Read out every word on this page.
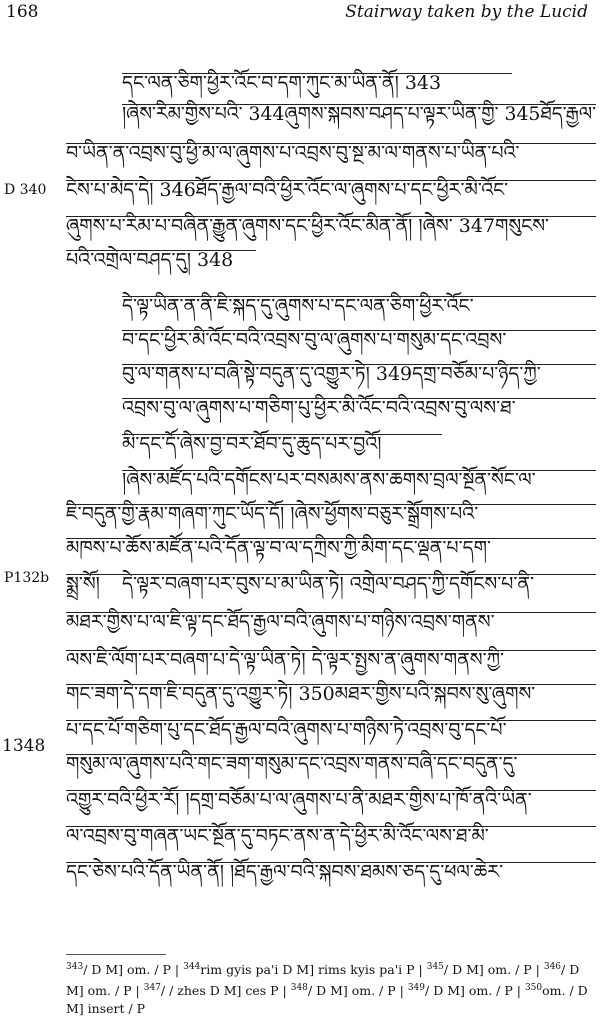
168	Stairway taken by the Lucid
D 340
P132b
1348
དང་ལན་ཅིག་ཕྱིར་འོང་བ་དག་ཀུང་མ་ཡིན་ནོ། 343
།ཞེས་རིམ་གྱིས་པའི་ 344ཞུགས་སྐབས་བཤད་པ་ལྟར་ཡིན་གྱི་ 345ཐོད་རྒྱལ་
བ་ཡིན་ན་འབྲས་བུ་ཕྱི་མ་ལ་ཞུགས་པ་འབྲས་བུ་སྔ་མ་ལ་གནས་པ་ཡིན་པའི་
ངེས་པ་མེད་དེ། 346ཐོད་རྒྱལ་བའི་ཕྱིར་འོང་ལ་ཞུགས་པ་དང་ཕྱིར་མི་འོང་
ཞུགས་པ་རིམ་པ་བཞིན་རྒྱུན་ཞུགས་དང་ཕྱིར་འོང་མིན་ནོ། །ཞེས་ 347གསུངས་
པའི་འགྲེལ་བཤད་དུ། 348
དེ་ལྟ་ཡིན་ན་ནི་ཇི་སྐད་དུ་ཞུགས་པ་དང་ལན་ཅིག་ཕྱིར་འོང་
བ་དང་ཕྱིར་མི་འོང་བའི་འབྲས་བུ་ལ་ཞུགས་པ་གསུམ་དང་འབྲས་
བུ་ལ་གནས་པ་བཞི་སྟེ་བདུན་དུ་འགྱུར་ཏེ། 349དགྲ་བཅོམ་པ་ཉིད་ཀྱི་
འབྲས་བུ་ལ་ཞུགས་པ་གཅིག་པུ་ཕྱིར་མི་འོང་བའི་འབྲས་བུ་ལས་ཐ་
མི་དང་དོ་ཞེས་བྱ་བར་ཐོབ་དུ་ཆུད་པར་བྱའོ།
།ཞེས་མཛོད་པའི་དགོངས་པར་བསམས་ནས་ཆགས་བྲལ་སྔོན་སོང་ལ་
ཇི་བདུན་གྱི་རྣམ་གཞག་ཀུང་ཡོད་དོ། །ཞེས་ཕྱོགས་བཅུར་སྒྲོགས་པའི་
མཁས་པ་ཆོས་མཛོན་པའི་དོན་ལྟ་བ་ལ་དཀྲིས་ཀྱི་མིག་དང་ལྡན་པ་དག་
སྨྲ་སོ།	དེ་ལྟར་བཞག་པར་བུས་པ་མ་ཡིན་ཏེ། འགྲེལ་བཤད་ཀྱི་དགོངས་པ་ནི་
མཐར་གྱིས་པ་ལ་ཇི་ལྟ་དང་ཐོད་རྒྱལ་བའི་ཞུགས་པ་གཉིས་འབྲས་གནས་
ལས་ཇི་ལོག་པར་བཞག་པ་དེ་ལྟ་ཡིན་ཏེ། དེ་ལྟར་སྤྱས་ན་ཞུགས་གནས་ཀྱི་
གང་ཟག་དེ་དག་ཇི་བདུན་དུ་འགྱུར་ཏེ། 350མཐར་གྱིས་པའི་སྐབས་སུ་ཞུགས་
པ་དང་པོ་གཅིག་པུ་དང་ཐོད་རྒྱལ་བའི་ཞུགས་པ་གཉིས་ཏེ་འབྲས་བུ་དང་པོ་
གསུམ་ལ་ཞུགས་པའི་གང་ཟག་གསུམ་དང་འབྲས་གནས་བཞི་དང་བདུན་དུ་
འགྱུར་བའི་ཕྱིར་རོ། །དགྲ་བཅོམ་པ་ལ་ཞུགས་པ་ནི་མཐར་གྱིས་པ་ཁོ་ནའི་ཡིན་
ལ་འབྲས་བུ་གཞན་ཡང་སྔོན་དུ་བཏང་ནས་ན་དེ་ཕྱིར་མི་འོང་ལས་ཐ་མི་
དང་ཅེས་པའི་དོན་ཡིན་ནོ། །ཐོད་རྒྱལ་བའི་སྐབས་ཐམས་ཅད་དུ་ཕལ་ཆེར་
$^{343}$/ D M] om. / P | $^{344}$rim gyis pa'i D M] rims kyis pa'i P | $^{345}$/ D M] om. / P | $^{346}$/ D M] om. / P | $^{347}$/ / zhes D M] ces P | $^{348}$/ D M] om. / P | $^{349}$/ D M] om. / P | $^{350}$om. / D M] insert / P
